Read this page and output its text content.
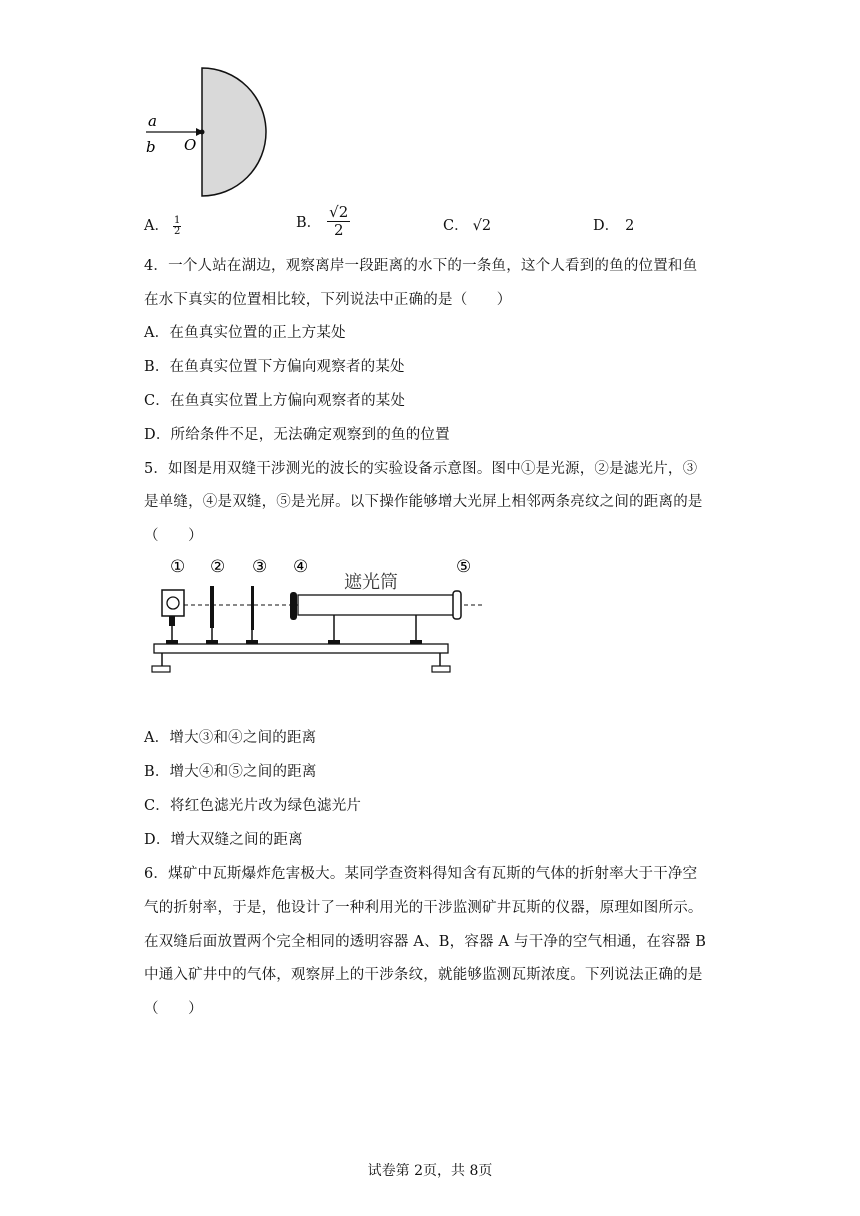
a
b O
A． $\frac{1}{2}$	B． $\frac{√2}{2}$	C． √2	D． 2
4．一个人站在湖边，观察离岸一段距离的水下的一条鱼，这个人看到的鱼的位置和鱼
在水下真实的位置相比较，下列说法中正确的是（　　）
A．在鱼真实位置的正上方某处
B．在鱼真实位置下方偏向观察者的某处
C．在鱼真实位置上方偏向观察者的某处
D．所给条件不足，无法确定观察到的鱼的位置
5．如图是用双缝干涉测光的波长的实验设备示意图。图中①是光源，②是滤光片，③
是单缝，④是双缝，⑤是光屏。以下操作能够增大光屏上相邻两条亮纹之间的距离的是
（　　）
① ② ③ ④	⑤
遮光筒
A．增大③和④之间的距离
B．增大④和⑤之间的距离
C．将红色滤光片改为绿色滤光片
D．增大双缝之间的距离
6．煤矿中瓦斯爆炸危害极大。某同学查资料得知含有瓦斯的气体的折射率大于干净空
气的折射率，于是，他设计了一种利用光的干涉监测矿井瓦斯的仪器，原理如图所示。
在双缝后面放置两个完全相同的透明容器 A、B，容器 A 与干净的空气相通，在容器 B
中通入矿井中的气体，观察屏上的干涉条纹，就能够监测瓦斯浓度。下列说法正确的是
（　　）
试卷第 2页，共 8页
